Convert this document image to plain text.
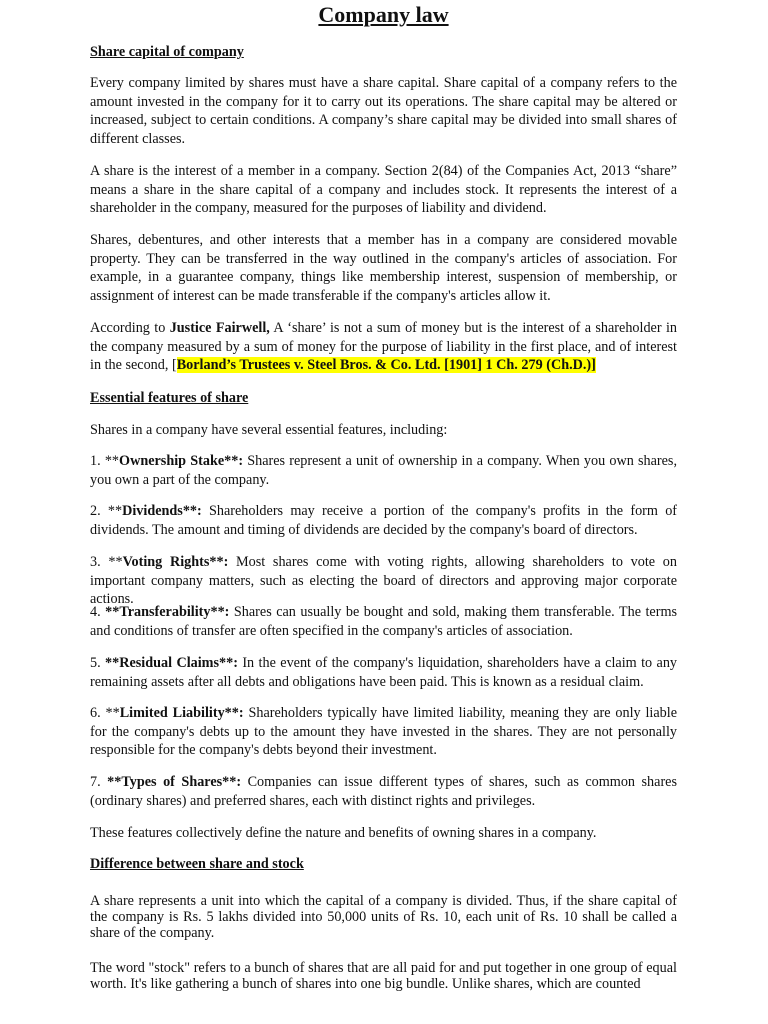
Company law

Share capital of company

Every company limited by shares must have a share capital. Share capital of a company refers to the amount invested in the company for it to carry out its operations. The share capital may be altered or increased, subject to certain conditions. A company’s share capital may be divided into small shares of different classes.

A share is the interest of a member in a company. Section 2(84) of the Companies Act, 2013 “share” means a share in the share capital of a company and includes stock. It represents the interest of a shareholder in the company, measured for the purposes of liability and dividend.

Shares, debentures, and other interests that a member has in a company are considered movable property. They can be transferred in the way outlined in the company's articles of association. For example, in a guarantee company, things like membership interest, suspension of membership, or assignment of interest can be made transferable if the company's articles allow it.

According to Justice Fairwell, A ‘share’ is not a sum of money but is the interest of a shareholder in the company measured by a sum of money for the purpose of liability in the first place, and of interest in the second, [Borland’s Trustees v. Steel Bros. & Co. Ltd. [1901] 1 Ch. 279 (Ch.D.)]

Essential features of share

Shares in a company have several essential features, including:

1. **Ownership Stake**: Shares represent a unit of ownership in a company. When you own shares, you own a part of the company.

2. **Dividends**: Shareholders may receive a portion of the company's profits in the form of dividends. The amount and timing of dividends are decided by the company's board of directors.

3. **Voting Rights**: Most shares come with voting rights, allowing shareholders to vote on important company matters, such as electing the board of directors and approving major corporate actions.

4. **Transferability**: Shares can usually be bought and sold, making them transferable. The terms and conditions of transfer are often specified in the company's articles of association.

5. **Residual Claims**: In the event of the company's liquidation, shareholders have a claim to any remaining assets after all debts and obligations have been paid. This is known as a residual claim.

6. **Limited Liability**: Shareholders typically have limited liability, meaning they are only liable for the company's debts up to the amount they have invested in the shares. They are not personally responsible for the company's debts beyond their investment.

7. **Types of Shares**: Companies can issue different types of shares, such as common shares (ordinary shares) and preferred shares, each with distinct rights and privileges.

These features collectively define the nature and benefits of owning shares in a company.

Difference between share and stock

A share represents a unit into which the capital of a company is divided. Thus, if the share capital of the company is Rs. 5 lakhs divided into 50,000 units of Rs. 10, each unit of Rs. 10 shall be called a share of the company.

The word "stock" refers to a bunch of shares that are all paid for and put together in one group of equal worth. It's like gathering a bunch of shares into one big bundle. Unlike shares, which are counted
